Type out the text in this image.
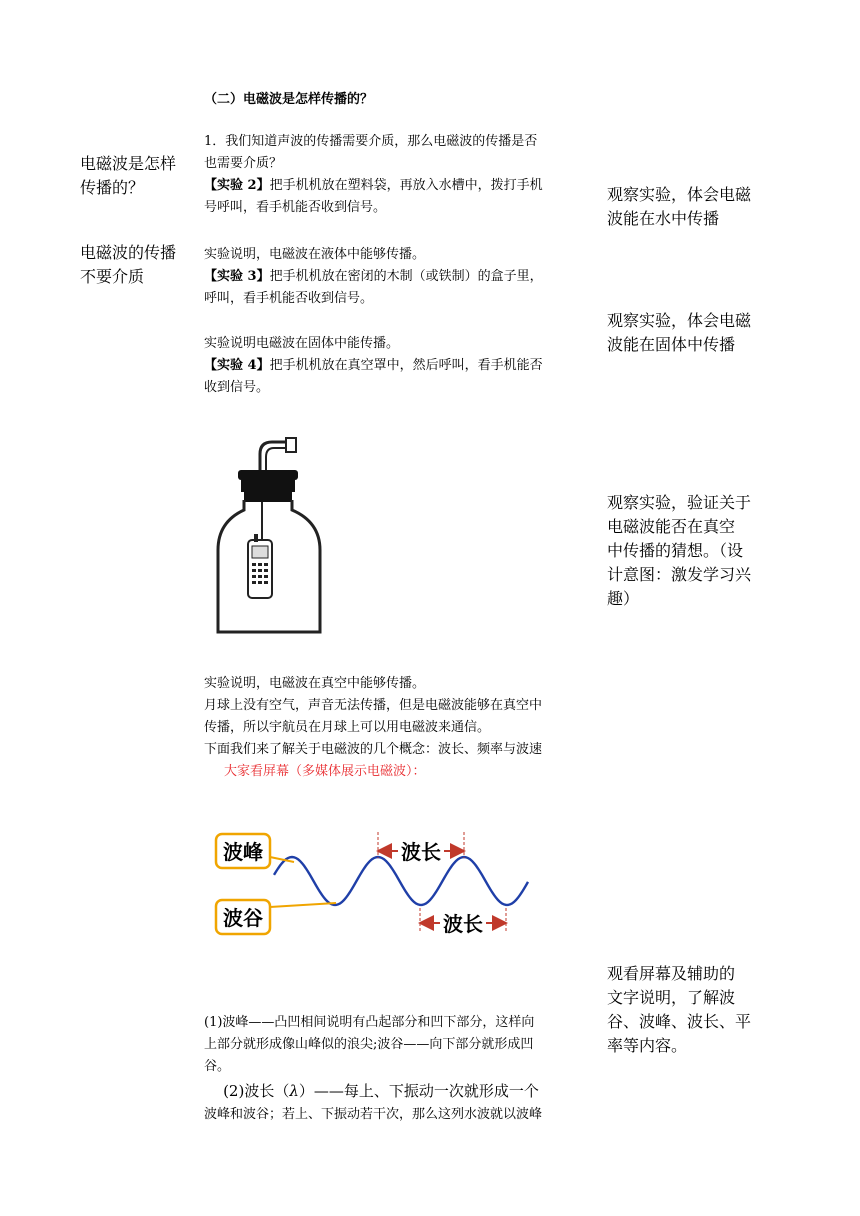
（二）电磁波是怎样传播的？
电磁波是怎样
传播的？
电磁波的传播
不要介质
1．我们知道声波的传播需要介质，那么电磁波的传播是否
也需要介质？
【实验 2】把手机机放在塑料袋，再放入水槽中，拨打手机
号呼叫，看手机能否收到信号。
实验说明，电磁波在液体中能够传播。
【实验 3】把手机机放在密闭的木制（或铁制）的盒子里，
呼叫，看手机能否收到信号。
实验说明电磁波在固体中能传播。
【实验 4】把手机机放在真空罩中，然后呼叫，看手机能否
收到信号。
实验说明，电磁波在真空中能够传播。
月球上没有空气，声音无法传播，但是电磁波能够在真空中
传播，所以宇航员在月球上可以用电磁波来通信。
下面我们来了解关于电磁波的几个概念：波长、频率与波速
大家看屏幕（多媒体展示电磁波）：
波峰
波谷
波长
波长
(1)波峰——凸凹相间说明有凸起部分和凹下部分，这样向
上部分就形成像山峰似的浪尖;波谷——向下部分就形成凹
谷。
(2)波长（λ）——每上、下振动一次就形成一个
波峰和波谷；若上、下振动若干次，那么这列水波就以波峰
观察实验，体会电磁
波能在水中传播
观察实验，体会电磁
波能在固体中传播
观察实验，验证关于
电磁波能否在真空
中传播的猜想。（设
计意图：激发学习兴
趣）
观看屏幕及辅助的
文字说明，了解波
谷、波峰、波长、平
率等内容。
